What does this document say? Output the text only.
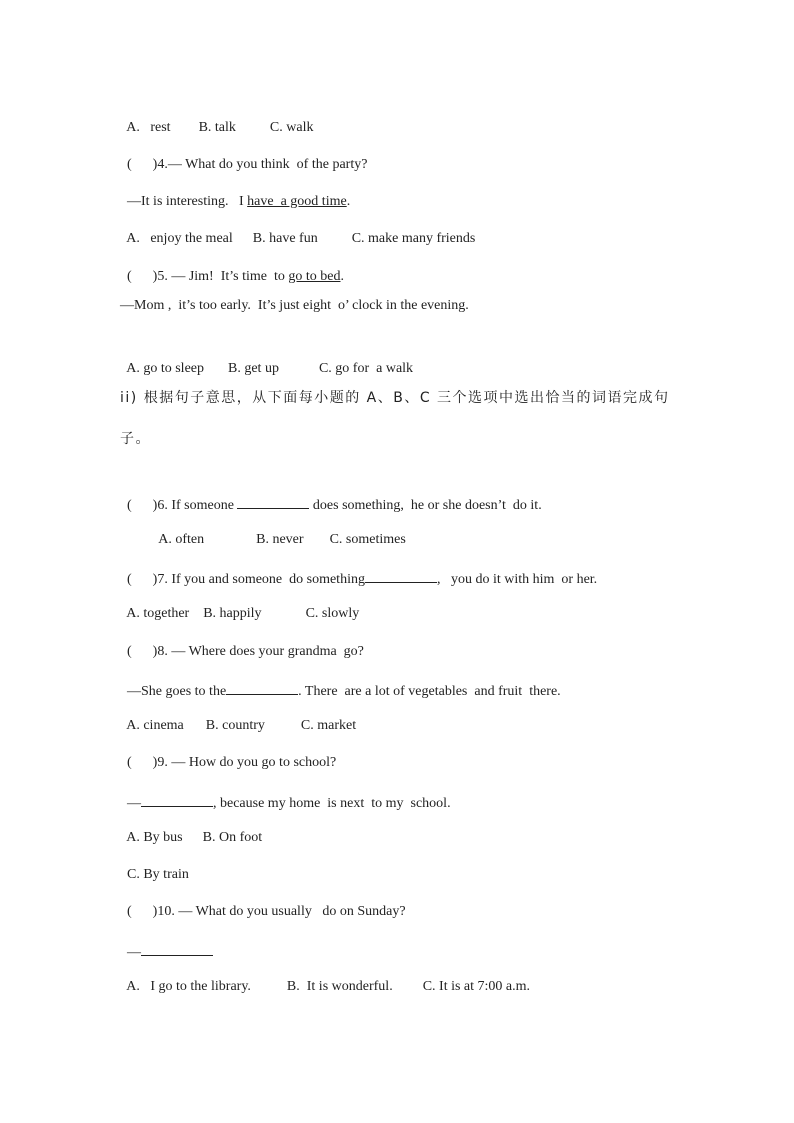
A.   rest B. talk C. walk

(      )4.— What do you think  of the party?

—It is interesting.   I have  a good time.

A.   enjoy the meal B. have fun C. make many friends

(      )5. — Jim!  It’s time  to go to bed.

—Mom ,  it’s too early.  It’s just eight  o’ clock in the evening.

A. go to sleep B. get up	C. go for  a walk

ii) 根据句子意思，从下面每小题的 A、B、C 三个选项中选出恰当的词语完成句
子。

(      )6. If someone	does something,  he or she doesn’t  do it.

A. often	B. never C. sometimes

(      )7. If you and someone  do something	,   you do it with him  or her.

A. together B. happily	C. slowly

(      )8. — Where does your grandma  go?

—She goes to the	. There  are a lot of vegetables  and fruit  there.

A. cinema B. country	C. market

(      )9. — How do you go to school?

—	, because my home  is next  to my  school.

A. By bus B. On foot

C. By train

(      )10. — What do you usually   do on Sunday?

—

A.   I go to the library.	B.  It is wonderful. C. It is at 7:00 a.m.
